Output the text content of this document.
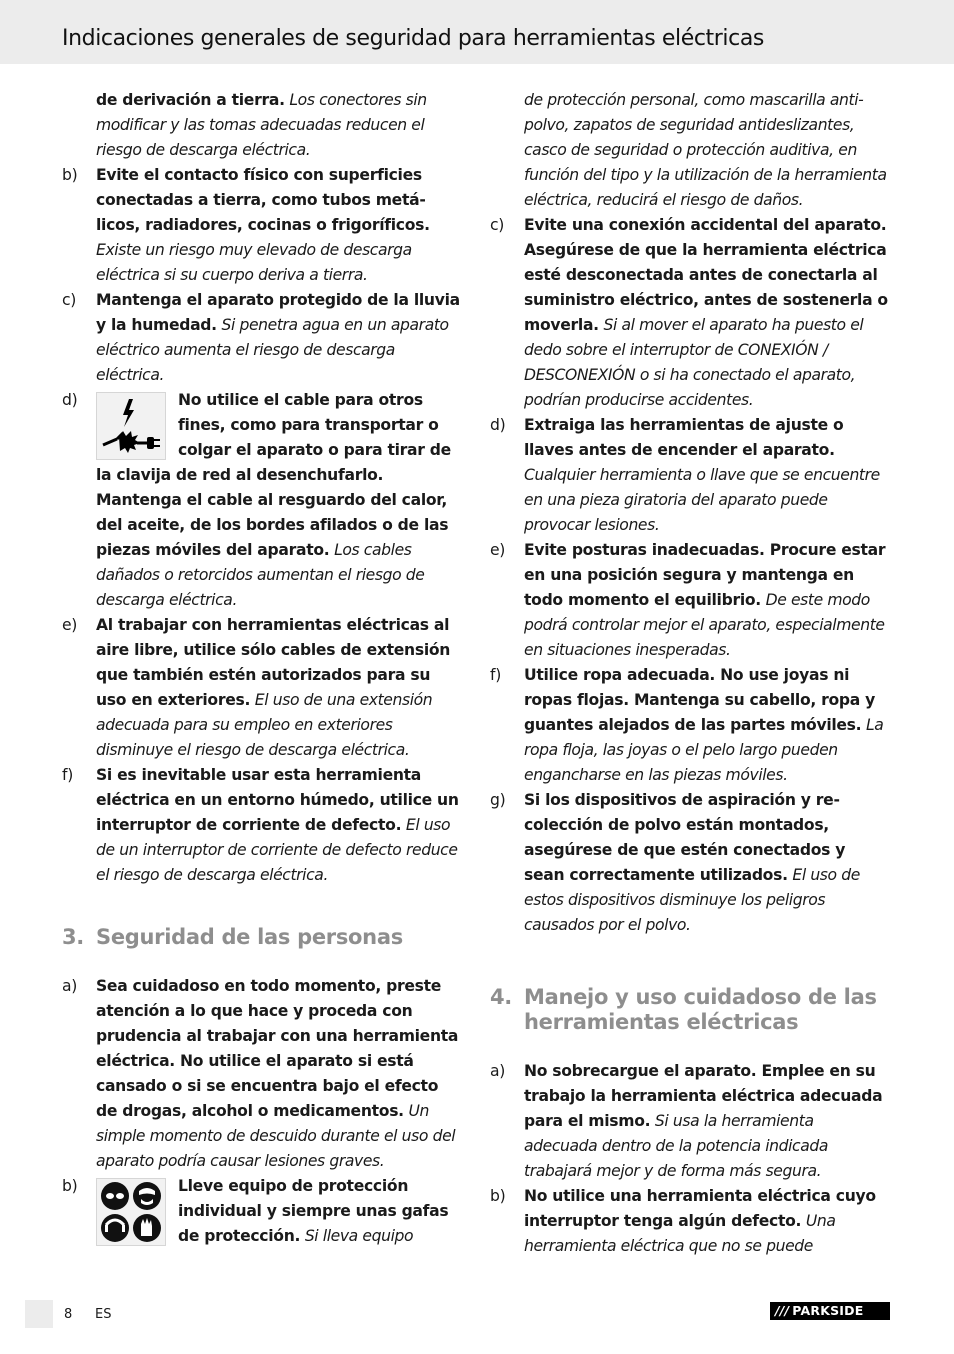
Indicaciones generales de seguridad para herramientas eléctricas
de derivación a tierra. Los conectores sin modificar y las tomas adecuadas reducen el riesgo de descarga eléctrica.
b) Evite el contacto físico con superficies conectadas a tierra, como tubos metálicos, radiadores, cocinas o frigoríficos. Existe un riesgo muy elevado de descarga eléctrica si su cuerpo deriva a tierra.
c) Mantenga el aparato protegido de la lluvia y la humedad. Si penetra agua en un aparato eléctrico aumenta el riesgo de descarga eléctrica.
d)	No utilice el cable para otros fines, como para transportar o colgar el aparato o para tirar de la clavija de red al desenchufarlo. Mantenga el cable al resguardo del calor, del aceite, de los bordes afilados o de las piezas móviles del aparato. Los cables dañados o retorcidos aumentan el riesgo de descarga eléctrica.
e) Al trabajar con herramientas eléctricas al aire libre, utilice sólo cables de extensión que también estén autorizados para su uso en exteriores. El uso de una extensión adecuada para su empleo en exteriores disminuye el riesgo de descarga eléctrica.
f) Si es inevitable usar esta herramienta eléctrica en un entorno húmedo, utilice un interruptor de corriente de defecto. El uso de un interruptor de corriente de defecto reduce el riesgo de descarga eléctrica.
3. Seguridad de las personas
a) Sea cuidadoso en todo momento, preste atención a lo que hace y proceda con prudencia al trabajar con una herramienta eléctrica. No utilice el aparato si está cansado o si se encuentra bajo el efecto de drogas, alcohol o medicamentos. Un simple momento de descuido durante el uso del aparato podría causar lesiones graves.
b)	Lleve equipo de protección individual y siempre unas gafas de protección. Si lleva equipo
de protección personal, como mascarilla antipolvo, zapatos de seguridad antideslizantes, casco de seguridad o protección auditiva, en función del tipo y la utilización de la herramienta eléctrica, reducirá el riesgo de daños.
c) Evite una conexión accidental del aparato. Asegúrese de que la herramienta eléctrica esté desconectada antes de conectarla al suministro eléctrico, antes de sostenerla o moverla. Si al mover el aparato ha puesto el dedo sobre el interruptor de CONEXIÓN / DESCONEXIÓN o si ha conectado el aparato, podrían producirse accidentes.
d) Extraiga las herramientas de ajuste o llaves antes de encender el aparato. Cualquier herramienta o llave que se encuentre en una pieza giratoria del aparato puede provocar lesiones.
e) Evite posturas inadecuadas. Procure estar en una posición segura y mantenga en todo momento el equilibrio. De este modo podrá controlar mejor el aparato, especialmente en situaciones inesperadas.
f) Utilice ropa adecuada. No use joyas ni ropas flojas. Mantenga su cabello, ropa y guantes alejados de las partes móviles. La ropa floja, las joyas o el pelo largo pueden engancharse en las piezas móviles.
g) Si los dispositivos de aspiración y recolección de polvo están montados, asegúrese de que estén conectados y sean correctamente utilizados. El uso de estos dispositivos disminuye los peligros causados por el polvo.
4. Manejo y uso cuidadoso de las herramientas eléctricas
a) No sobrecargue el aparato. Emplee en su trabajo la herramienta eléctrica adecuada para el mismo. Si usa la herramienta adecuada dentro de la potencia indicada trabajará mejor y de forma más segura.
b) No utilice una herramienta eléctrica cuyo interruptor tenga algún defecto. Una herramienta eléctrica que no se puede
8 ES	/// PARKSIDE
